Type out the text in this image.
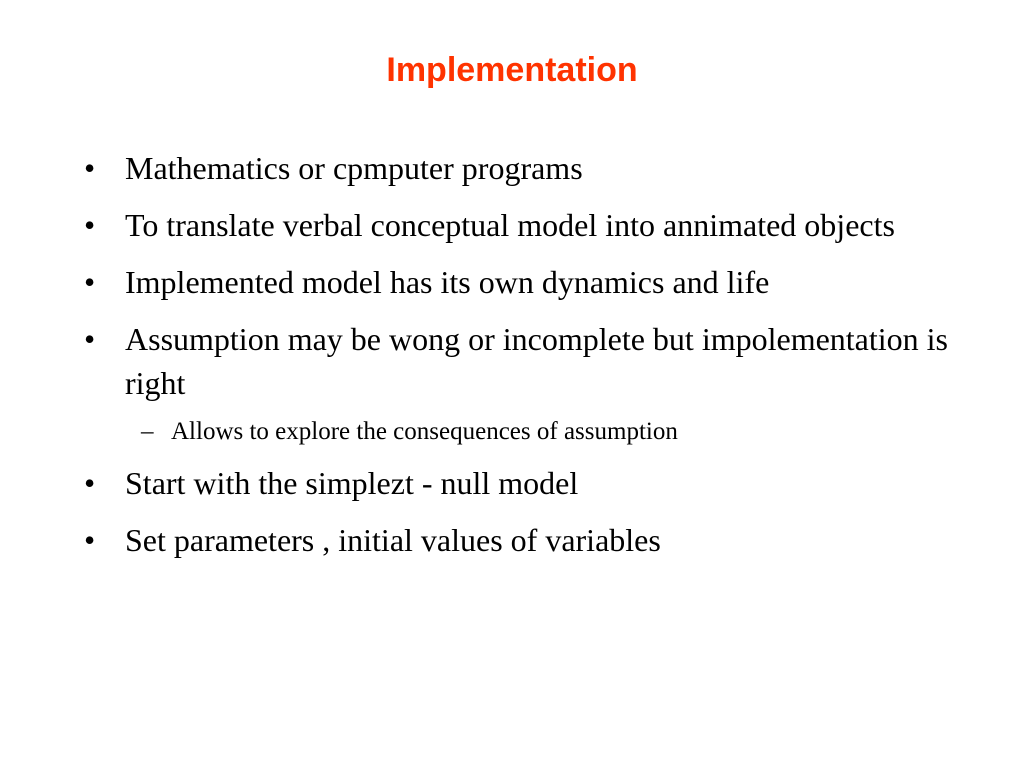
Implementation
• Mathematics or cpmputer programs
• To translate verbal conceptual model into annimated objects
• Implemented model has its own dynamics and life
• Assumption may be wong or incomplete but impolementation is right
– Allows to explore the consequences of assumption
• Start with the simplezt - null model
• Set parameters , initial values of variables
